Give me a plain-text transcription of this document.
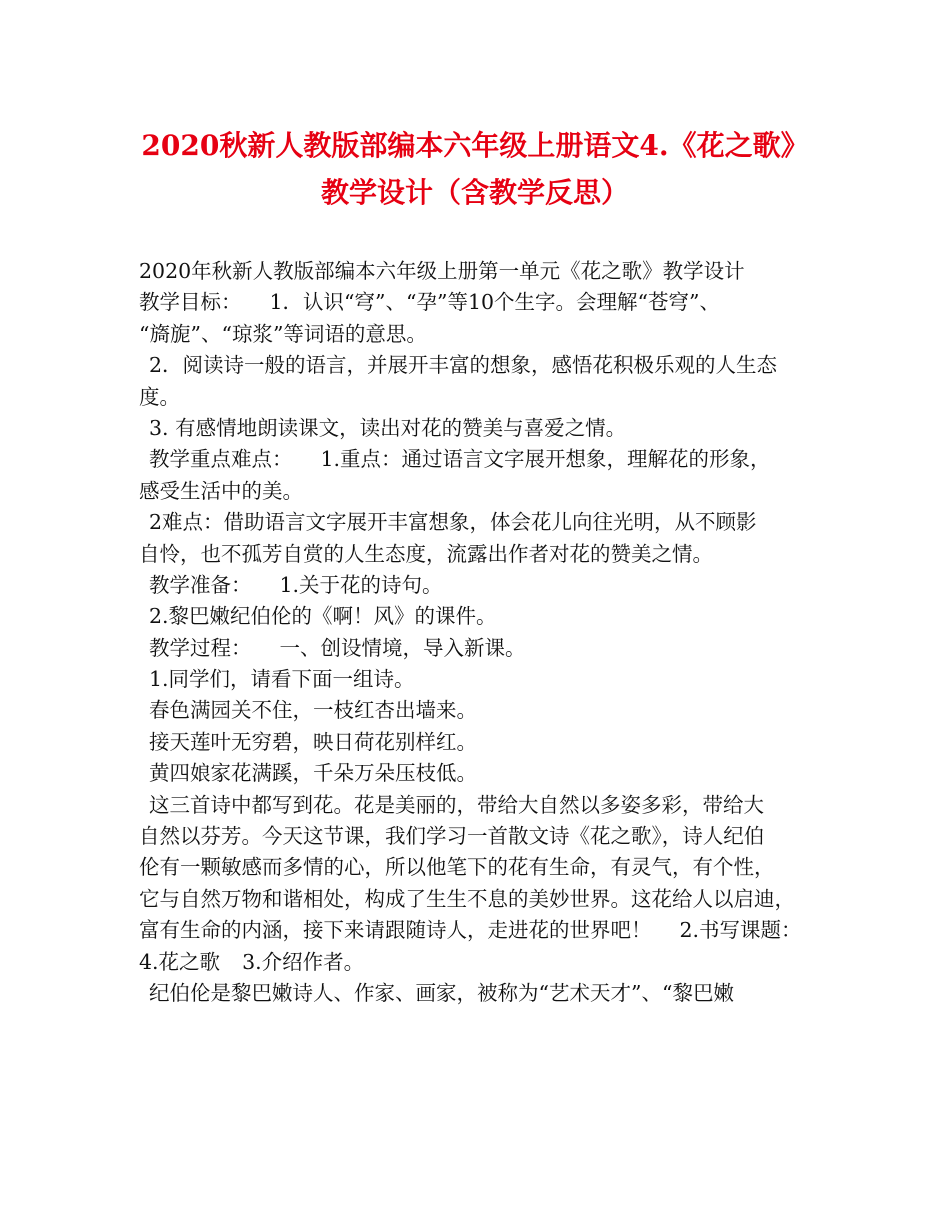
2020秋新人教版部编本六年级上册语文4.《花之歌》
教学设计（含教学反思）
2020年秋新人教版部编本六年级上册第一单元《花之歌》教学设计
教学目标： 1．认识“穹”、“孕”等10个生字。会理解“苍穹”、
“旖旎”、“琼浆”等词语的意思。
2．阅读诗一般的语言，并展开丰富的想象，感悟花积极乐观的人生态
度。
3. 有感情地朗读课文，读出对花的赞美与喜爱之情。
教学重点难点： 1.重点：通过语言文字展开想象，理解花的形象，
感受生活中的美。
2难点：借助语言文字展开丰富想象，体会花儿向往光明，从不顾影
自怜，也不孤芳自赏的人生态度，流露出作者对花的赞美之情。
教学准备： 1.关于花的诗句。
2.黎巴嫩纪伯伦的《啊！风》的课件。
教学过程： 一、创设情境，导入新课。
1.同学们，请看下面一组诗。
春色满园关不住，一枝红杏出墙来。
接天莲叶无穷碧，映日荷花别样红。
黄四娘家花满蹊，千朵万朵压枝低。
这三首诗中都写到花。花是美丽的，带给大自然以多姿多彩，带给大
自然以芬芳。今天这节课，我们学习一首散文诗《花之歌》，诗人纪伯
伦有一颗敏感而多情的心，所以他笔下的花有生命，有灵气，有个性，
它与自然万物和谐相处，构成了生生不息的美妙世界。这花给人以启迪，
富有生命的内涵，接下来请跟随诗人，走进花的世界吧！ 2.书写课题：
4.花之歌 3.介绍作者。
纪伯伦是黎巴嫩诗人、作家、画家，被称为“艺术天才”、“黎巴嫩
